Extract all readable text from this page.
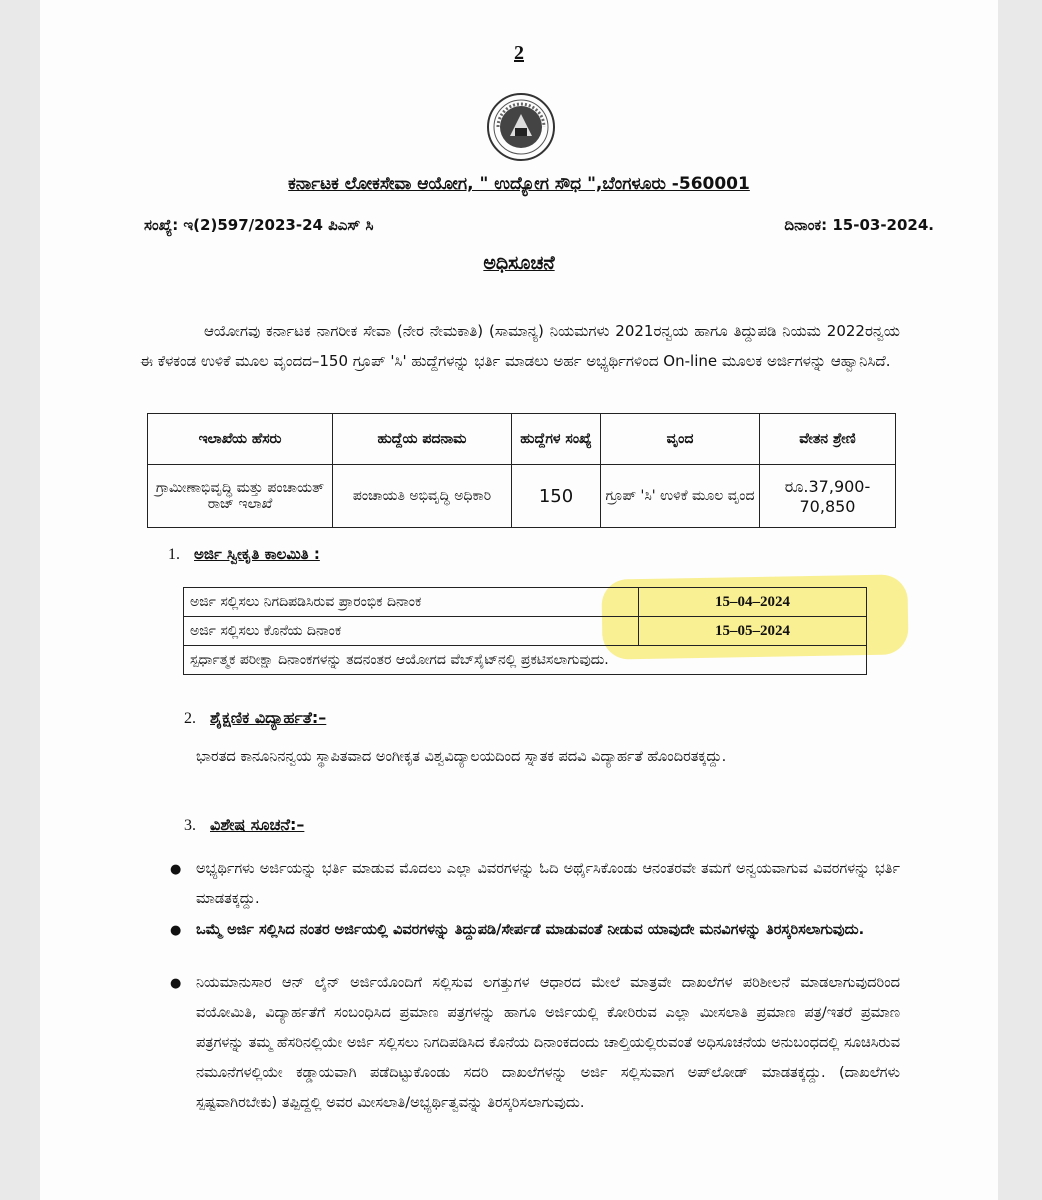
2
ಕರ್ನಾಟಕ ಲೋಕಸೇವಾ ಆಯೋಗ, " ಉದ್ಯೋಗ ಸೌಧ ",ಬೆಂಗಳೂರು -560001
ಸಂಖ್ಯೆ: ಇ(2)597/2023-24 ಪಿಎಸ್ ಸಿ	ದಿನಾಂಕ: 15-03-2024.
ಅಧಿಸೂಚನೆ
ಆಯೋಗವು ಕರ್ನಾಟಕ ನಾಗರೀಕ ಸೇವಾ (ನೇರ ನೇಮಕಾತಿ) (ಸಾಮಾನ್ಯ) ನಿಯಮಗಳು 2021ರನ್ವಯ ಹಾಗೂ ತಿದ್ದುಪಡಿ ನಿಯಮ 2022ರನ್ವಯ ಈ ಕೆಳಕಂಡ ಉಳಿಕೆ ಮೂಲ ವೃಂದದ–150 ಗ್ರೂಪ್ 'ಸಿ' ಹುದ್ದೆಗಳನ್ನು ಭರ್ತಿ ಮಾಡಲು ಅರ್ಹ ಅಭ್ಯರ್ಥಿಗಳಿಂದ On-line ಮೂಲಕ ಅರ್ಜಿಗಳನ್ನು ಆಹ್ವಾನಿಸಿದೆ.
ಇಲಾಖೆಯ ಹೆಸರು	ಹುದ್ದೆಯ ಪದನಾಮ	ಹುದ್ದೆಗಳ ಸಂಖ್ಯೆ	ವೃಂದ	ವೇತನ ಶ್ರೇಣಿ
ಗ್ರಾಮೀಣಾಭಿವೃದ್ಧಿ ಮತ್ತು ಪಂಚಾಯತ್ ರಾಜ್ ಇಲಾಖೆ	ಪಂಚಾಯತಿ ಅಭಿವೃದ್ಧಿ ಅಧಿಕಾರಿ	150	ಗ್ರೂಪ್ 'ಸಿ' ಉಳಿಕೆ ಮೂಲ ವೃಂದ	ರೂ.37,900-70,850
1. ಅರ್ಜಿ ಸ್ವೀಕೃತಿ ಕಾಲಮಿತಿ :
ಅರ್ಜಿ ಸಲ್ಲಿಸಲು ನಿಗದಿಪಡಿಸಿರುವ ಪ್ರಾರಂಭಿಕ ದಿನಾಂಕ	15–04–2024
ಅರ್ಜಿ ಸಲ್ಲಿಸಲು ಕೊನೆಯ ದಿನಾಂಕ	15–05–2024
ಸ್ಪರ್ಧಾತ್ಮಕ ಪರೀಕ್ಷಾ ದಿನಾಂಕಗಳನ್ನು ತದನಂತರ ಆಯೋಗದ ವೆಬ್‌ಸೈಟ್‌ನಲ್ಲಿ ಪ್ರಕಟಿಸಲಾಗುವುದು.	
2. ಶೈಕ್ಷಣಿಕ ವಿದ್ಯಾರ್ಹತೆ:–
ಭಾರತದ ಕಾನೂನಿನನ್ವಯ ಸ್ಥಾಪಿತವಾದ ಅಂಗೀಕೃತ ವಿಶ್ವವಿದ್ಯಾಲಯದಿಂದ ಸ್ನಾತಕ ಪದವಿ ವಿದ್ಯಾರ್ಹತೆ ಹೊಂದಿರತಕ್ಕದ್ದು.
3. ವಿಶೇಷ ಸೂಚನೆ:–
● ಅಭ್ಯರ್ಥಿಗಳು ಅರ್ಜಿಯನ್ನು ಭರ್ತಿ ಮಾಡುವ ಮೊದಲು ಎಲ್ಲಾ ವಿವರಗಳನ್ನು ಓದಿ ಅರ್ಥೈಸಿಕೊಂಡು ಆನಂತರವೇ ತಮಗೆ ಅನ್ವಯವಾಗುವ ವಿವರಗಳನ್ನು ಭರ್ತಿ ಮಾಡತಕ್ಕದ್ದು.
● ಒಮ್ಮೆ ಅರ್ಜಿ ಸಲ್ಲಿಸಿದ ನಂತರ ಅರ್ಜಿಯಲ್ಲಿ ವಿವರಗಳನ್ನು ತಿದ್ದುಪಡಿ/ಸೇರ್ಪಡೆ ಮಾಡುವಂತೆ ನೀಡುವ ಯಾವುದೇ ಮನವಿಗಳನ್ನು ತಿರಸ್ಕರಿಸಲಾಗುವುದು.
● ನಿಯಮಾನುಸಾರ ಆನ್ ಲೈನ್ ಅರ್ಜಿಯೊಂದಿಗೆ ಸಲ್ಲಿಸುವ ಲಗತ್ತುಗಳ ಆಧಾರದ ಮೇಲೆ ಮಾತ್ರವೇ ದಾಖಲೆಗಳ ಪರಿಶೀಲನೆ ಮಾಡಲಾಗುವುದರಿಂದ ವಯೋಮಿತಿ, ವಿದ್ಯಾರ್ಹತೆಗೆ ಸಂಬಂಧಿಸಿದ ಪ್ರಮಾಣ ಪತ್ರಗಳನ್ನು ಹಾಗೂ ಅರ್ಜಿಯಲ್ಲಿ ಕೋರಿರುವ ಎಲ್ಲಾ ಮೀಸಲಾತಿ ಪ್ರಮಾಣ ಪತ್ರ/ಇತರೆ ಪ್ರಮಾಣ ಪತ್ರಗಳನ್ನು ತಮ್ಮ ಹೆಸರಿನಲ್ಲಿಯೇ ಅರ್ಜಿ ಸಲ್ಲಿಸಲು ನಿಗದಿಪಡಿಸಿದ ಕೊನೆಯ ದಿನಾಂಕದಂದು ಚಾಲ್ತಿಯಲ್ಲಿರುವಂತೆ ಅಧಿಸೂಚನೆಯ ಅನುಬಂಧದಲ್ಲಿ ಸೂಚಿಸಿರುವ ನಮೂನೆಗಳಲ್ಲಿಯೇ ಕಡ್ಡಾಯವಾಗಿ ಪಡೆದಿಟ್ಟುಕೊಂಡು ಸದರಿ ದಾಖಲೆಗಳನ್ನು ಅರ್ಜಿ ಸಲ್ಲಿಸುವಾಗ ಅಪ್‌ಲೋಡ್ ಮಾಡತಕ್ಕದ್ದು. (ದಾಖಲೆಗಳು ಸ್ಪಷ್ಟವಾಗಿರಬೇಕು) ತಪ್ಪಿದ್ದಲ್ಲಿ ಅವರ ಮೀಸಲಾತಿ/ಅಭ್ಯರ್ಥಿತ್ವವನ್ನು ತಿರಸ್ಕರಿಸಲಾಗುವುದು.
